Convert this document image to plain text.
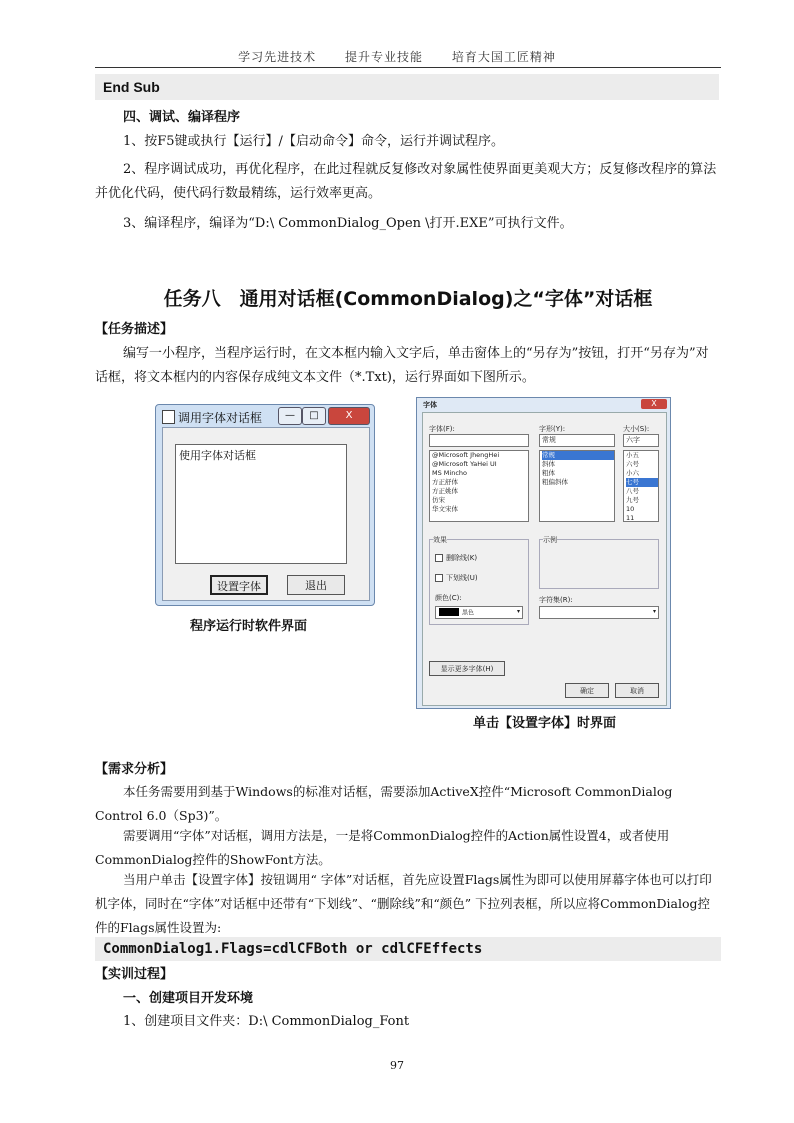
学习先进技术 提升专业技能 培育大国工匠精神
End Sub
四、调试、编译程序
1、按F5键或执行【运行】/【启动命令】命令，运行并调试程序。
2、程序调试成功，再优化程序，在此过程就反复修改对象属性使界面更美观大方；反复修改程序的算法并优化代码，使代码行数最精练，运行效率更高。
3、编译程序，编译为“D:\ CommonDialog_Open \打开.EXE”可执行文件。
任务八　通用对话框(CommonDialog)之“字体”对话框
【任务描述】
编写一小程序，当程序运行时，在文本框内输入文字后，单击窗体上的“另存为”按钮，打开“另存为”对话框，将文本框内的内容保存成纯文本文件（*.Txt)，运行界面如下图所示。
调用字体对话框	—	□	X
使用字体对话框
设置字体	退出
程序运行时软件界面
字体	X
字体(F):	字形(Y):	大小(S):
常规	六字
@Microsoft JhengHei
@Microsoft YaHei UI
MS Mincho
方正舒体
方正姚体
仿宋
华文宋体
常规
斜体
粗体
粗偏斜体
小五
六号
小六
七号
八号
九号
10
11
效果
删除线(K)
下划线(U)
颜色(C):
黑色	▾
示例
字符集(R):
▾
显示更多字体(H)
确定	取消
单击【设置字体】时界面
【需求分析】
本任务需要用到基于Windows的标准对话框，需要添加ActiveX控件“Microsoft CommonDialog Control 6.0（Sp3)”。
需要调用“字体”对话框，调用方法是，一是将CommonDialog控件的Action属性设置4，或者使用CommonDialog控件的ShowFont方法。
当用户单击【设置字体】按钮调用“ 字体”对话框，首先应设置Flags属性为即可以使用屏幕字体也可以打印机字体，同时在“字体”对话框中还带有“下划线”、“删除线”和“颜色” 下拉列表框，所以应将CommonDialog控件的Flags属性设置为:
CommonDialog1.Flags=cdlCFBoth or cdlCFEffects
【实训过程】
一、创建项目开发环境
1、创建项目文件夹：D:\ CommonDialog_Font
97
